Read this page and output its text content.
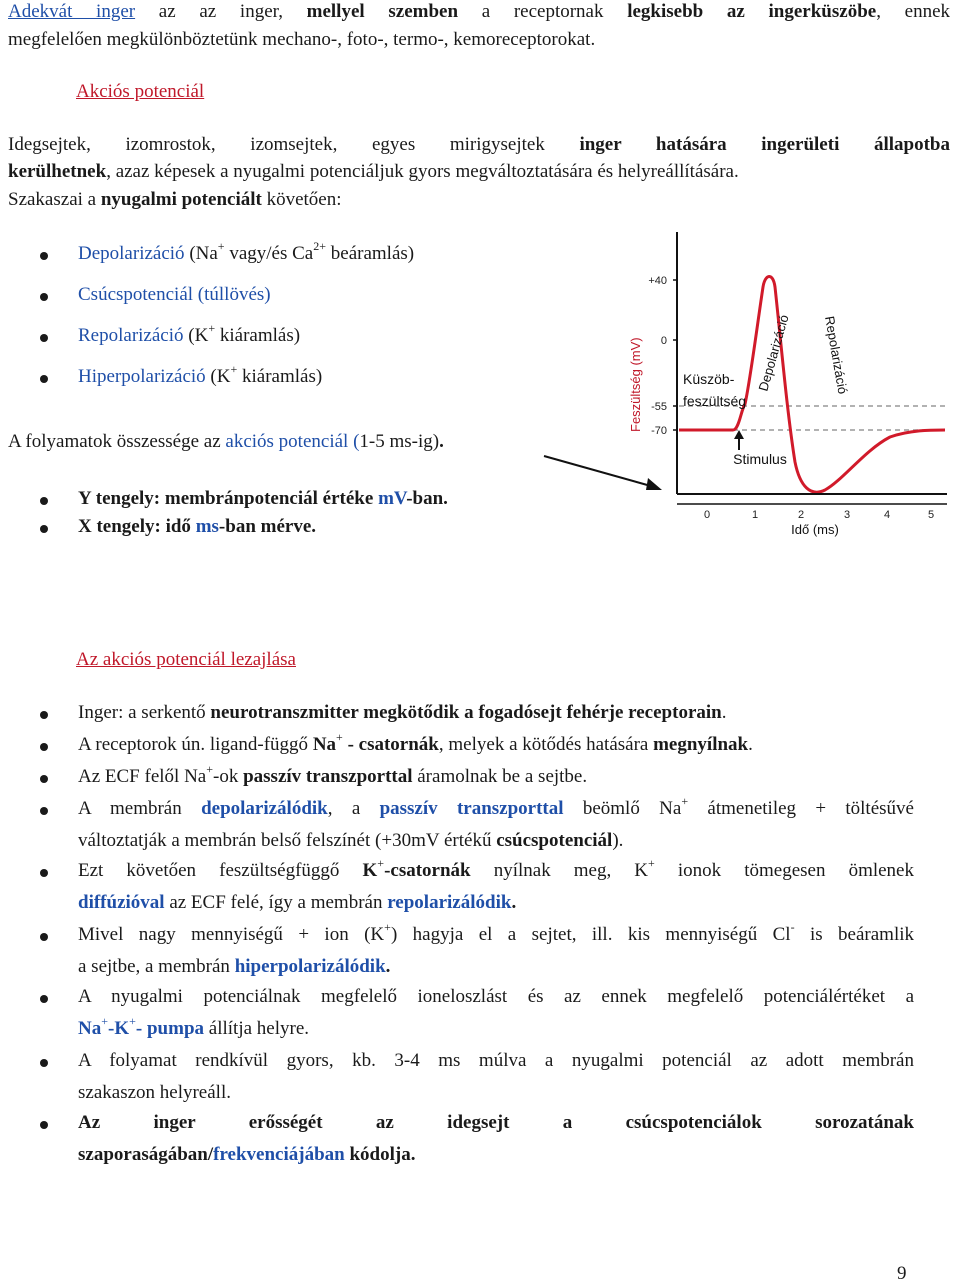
Adekvát inger az az inger, mellyel szemben a receptornak legkisebb az ingerküszöbe, ennek
megfelelően megkülönböztetünk mechano-, foto-, termo-, kemoreceptorokat.
Akciós potenciál
Idegsejtek, izomrostok, izomsejtek, egyes mirigysejtek inger hatására ingerületi állapotba
kerülhetnek, azaz képesek a nyugalmi potenciáljuk gyors megváltoztatására és helyreállítására.
Szakaszai a nyugalmi potenciált követően:
Depolarizáció (Na+ vagy/és $Ca^{2+}$ beáramlás)
Csúcspotenciál (túllövés)
Repolarizáció (K+ kiáramlás)
Hiperpolarizáció (K+ kiáramlás)
A folyamatok összessége az akciós potenciál (1-5 ms-ig).
Y tengely: membránpotenciál értéke mV-ban.
X tengely: idő ms-ban mérve.
+40
0
-55
-70
Feszültség (mV)
Stimulus
Küszöb-
feszültség
Depolarizáció Repolarizáció
0	1	2	3	4	5
Idő (ms)
Az akciós potenciál lezajlása
Inger: a serkentő neurotranszmitter megkötődik a fogadósejt fehérje receptorain.
A receptorok ún. ligand-függő Na+ - csatornák, melyek a kötődés hatására megnyílnak.
Az ECF felől Na+-ok passzív transzporttal áramolnak be a sejtbe.
A membrán depolarizálódik, a passzív transzporttal beömlő Na+ átmenetileg + töltésűvé
változtatják a membrán belső felszínét (+30mV értékű csúcspotenciál).
Ezt követően feszültségfüggő K+-csatornák nyílnak meg, K+ ionok tömegesen ömlenek
diffúzióval az ECF felé, így a membrán repolarizálódik.
Mivel nagy mennyiségű + ion (K+) hagyja el a sejtet, ill. kis mennyiségű Cl- is beáramlik
a sejtbe, a membrán hiperpolarizálódik.
A nyugalmi potenciálnak megfelelő ioneloszlást és az ennek megfelelő potenciálértéket a
Na+-K+- pumpa állítja helyre.
A folyamat rendkívül gyors, kb. 3-4 ms múlva a nyugalmi potenciál az adott membrán
szakaszon helyreáll.
Az inger erősségét az idegsejt a csúcspotenciálok sorozatának
szaporaságában/frekvenciájában kódolja.
9
